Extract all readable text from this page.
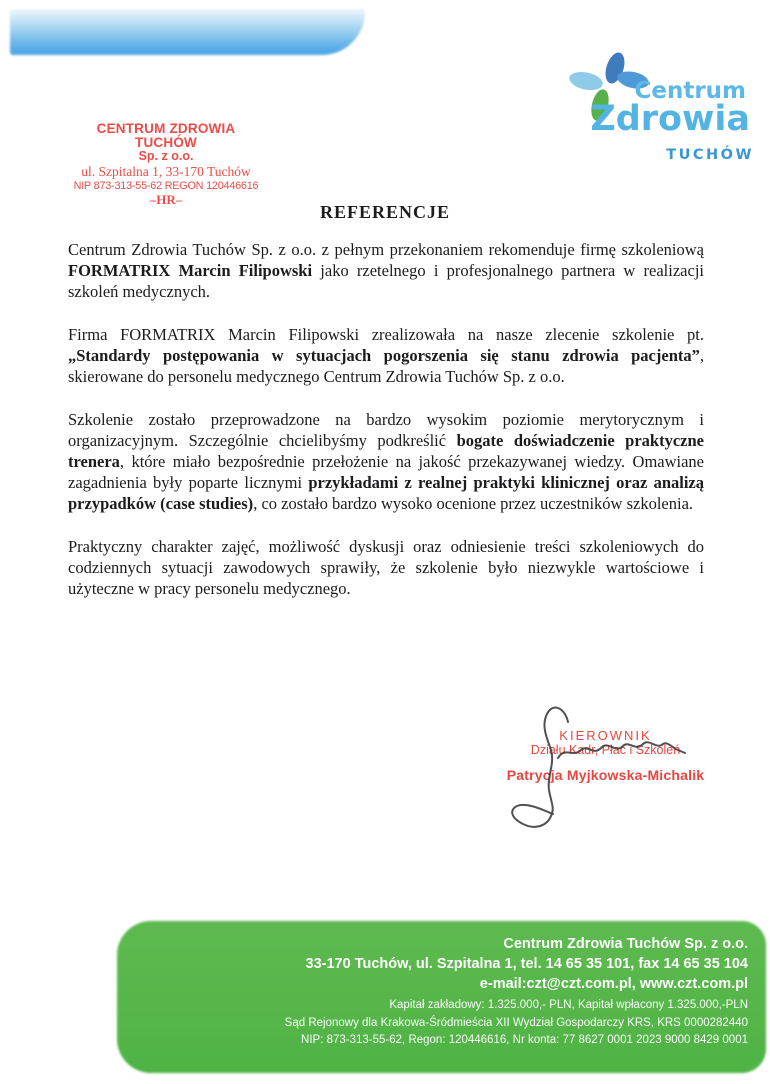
CENTRUM ZDROWIA TUCHÓW
Sp. z o.o.
ul. Szpitalna 1, 33-170 Tuchów
NIP 873-313-55-62 REGON 120446616
–HR–
Centrum
Zdrowia
TUCHÓW
REFERENCJE

Centrum Zdrowia Tuchów Sp. z o.o. z pełnym przekonaniem rekomenduje firmę szkoleniową FORMATRIX Marcin Filipowski jako rzetelnego i profesjonalnego partnera w realizacji szkoleń medycznych.

Firma FORMATRIX Marcin Filipowski zrealizowała na nasze zlecenie szkolenie pt. „Standardy postępowania w sytuacjach pogorszenia się stanu zdrowia pacjenta”, skierowane do personelu medycznego Centrum Zdrowia Tuchów Sp. z o.o.

Szkolenie zostało przeprowadzone na bardzo wysokim poziomie merytorycznym i organizacyjnym. Szczególnie chcielibyśmy podkreślić bogate doświadczenie praktyczne trenera, które miało bezpośrednie przełożenie na jakość przekazywanej wiedzy. Omawiane zagadnienia były poparte licznymi przykładami z realnej praktyki klinicznej oraz analizą przypadków (case studies), co zostało bardzo wysoko ocenione przez uczestników szkolenia.

Praktyczny charakter zajęć, możliwość dyskusji oraz odniesienie treści szkoleniowych do codziennych sytuacji zawodowych sprawiły, że szkolenie było niezwykle wartościowe i użyteczne w pracy personelu medycznego.

KIEROWNIK
Działu Kadr, Płac i Szkoleń
Patrycja Myjkowska-Michalik
Centrum Zdrowia Tuchów Sp. z o.o.
33-170 Tuchów, ul. Szpitalna 1, tel. 14 65 35 101, fax 14 65 35 104
e-mail:czt@czt.com.pl, www.czt.com.pl
Kapitał zakładowy: 1.325.000,- PLN, Kapitał wpłacony 1.325.000,-PLN
Sąd Rejonowy dla Krakowa-Śródmieścia XII Wydział Gospodarczy KRS, KRS 0000282440
NIP: 873-313-55-62, Regon: 120446616, Nr konta: 77 8627 0001 2023 9000 8429 0001
